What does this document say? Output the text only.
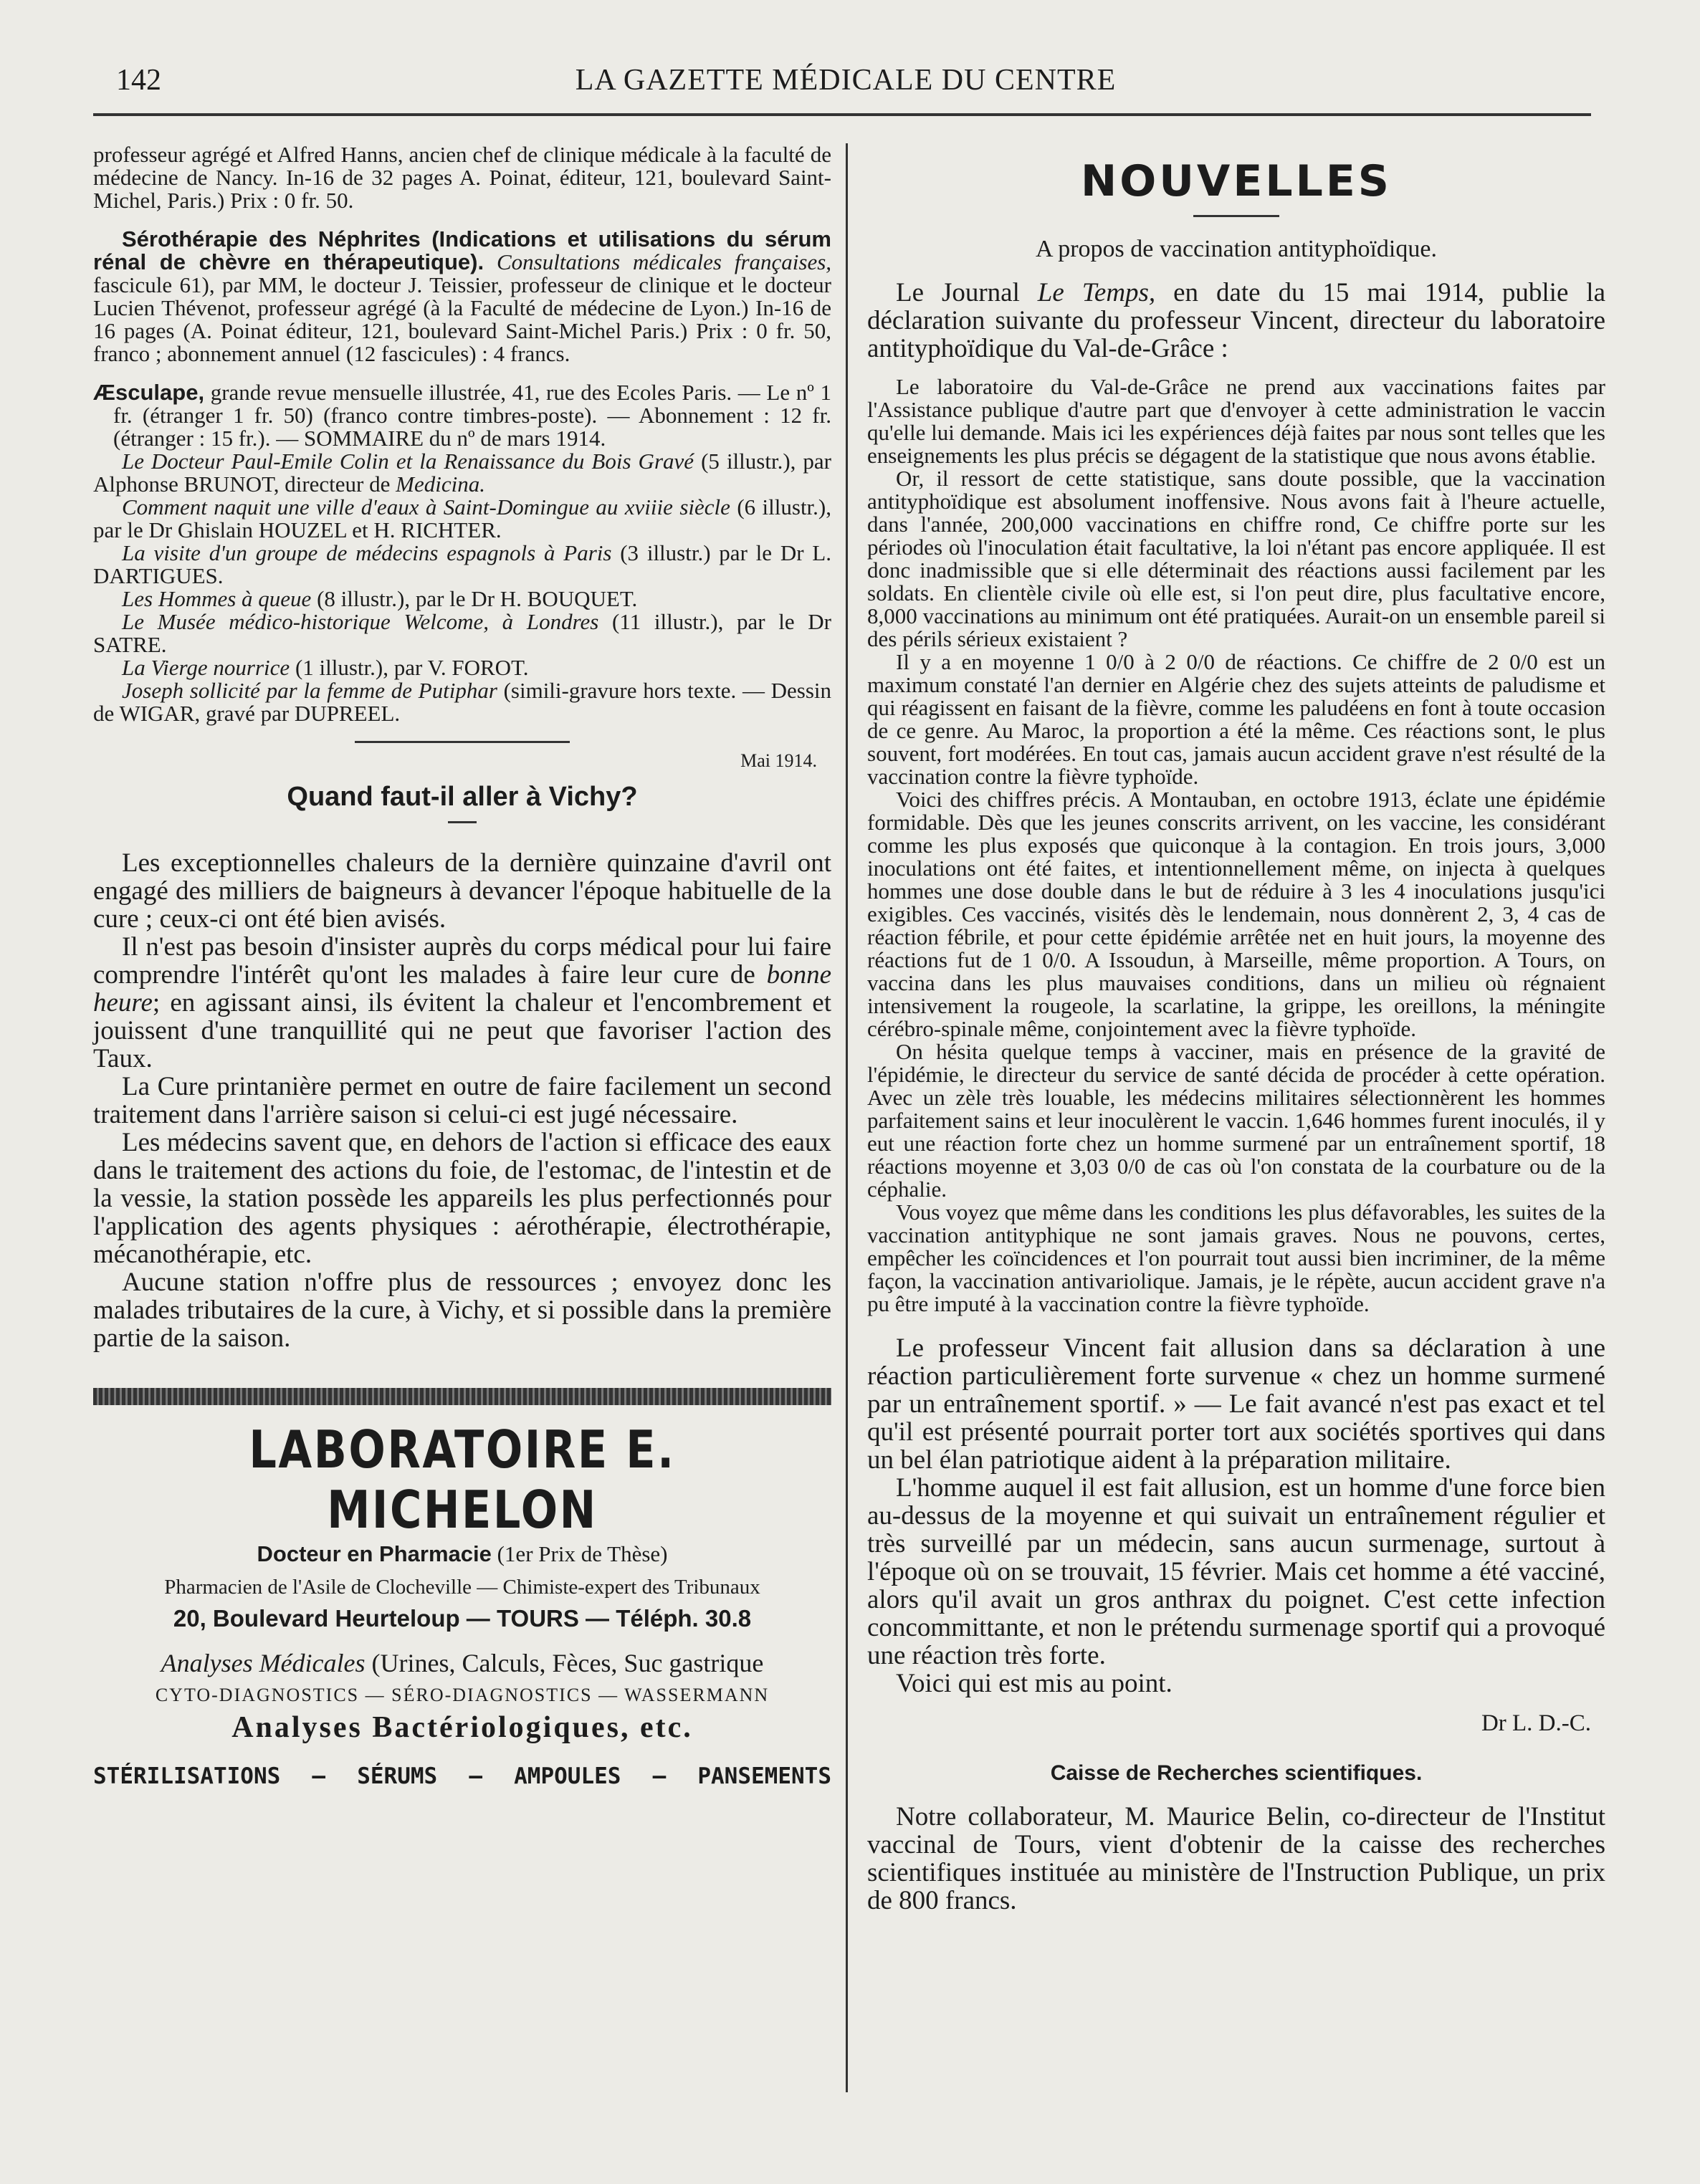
142	LA GAZETTE MÉDICALE DU CENTRE

professeur agrégé et Alfred Hanns, ancien chef de clinique médicale à la faculté de médecine de Nancy. In-16 de 32 pages A. Poinat, éditeur, 121, boulevard Saint-Michel, Paris.) Prix : 0 fr. 50.

Sérothérapie des Néphrites (Indications et utilisations du sérum rénal de chèvre en thérapeutique). Consultations médicales françaises, fascicule 61), par MM, le docteur J. Teissier, professeur de clinique et le docteur Lucien Thévenot, professeur agrégé (à la Faculté de médecine de Lyon.) In-16 de 16 pages (A. Poinat éditeur, 121, boulevard Saint-Michel Paris.) Prix : 0 fr. 50, franco ; abonnement annuel (12 fascicules) : 4 francs.

Æsculape, grande revue mensuelle illustrée, 41, rue des Ecoles Paris. — Le nº 1 fr. (étranger 1 fr. 50) (franco contre timbres-poste). — Abonnement : 12 fr. (étranger : 15 fr.). — SOMMAIRE du nº de mars 1914.

Le Docteur Paul-Emile Colin et la Renaissance du Bois Gravé (5 illustr.), par Alphonse BRUNOT, directeur de Medicina.

Comment naquit une ville d'eaux à Saint-Domingue au xviiie siècle (6 illustr.), par le Dr Ghislain HOUZEL et H. RICHTER.

La visite d'un groupe de médecins espagnols à Paris (3 illustr.) par le Dr L. DARTIGUES.

Les Hommes à queue (8 illustr.), par le Dr H. BOUQUET.

Le Musée médico-historique Welcome, à Londres (11 illustr.), par le Dr SATRE.

La Vierge nourrice (1 illustr.), par V. FOROT.

Joseph sollicité par la femme de Putiphar (simili-gravure hors texte. — Dessin de WIGAR, gravé par DUPREEL.

Mai 1914.
Quand faut-il aller à Vichy?

Les exceptionnelles chaleurs de la dernière quinzaine d'avril ont engagé des milliers de baigneurs à devancer l'époque habituelle de la cure ; ceux-ci ont été bien avisés.

Il n'est pas besoin d'insister auprès du corps médical pour lui faire comprendre l'intérêt qu'ont les malades à faire leur cure de bonne heure; en agissant ainsi, ils évitent la chaleur et l'encombrement et jouissent d'une tranquillité qui ne peut que favoriser l'action des Taux.

La Cure printanière permet en outre de faire facilement un second traitement dans l'arrière saison si celui-ci est jugé nécessaire.

Les médecins savent que, en dehors de l'action si efficace des eaux dans le traitement des actions du foie, de l'estomac, de l'intestin et de la vessie, la station possède les appareils les plus perfectionnés pour l'application des agents physiques : aérothérapie, électrothérapie, mécanothérapie, etc.

Aucune station n'offre plus de ressources ; envoyez donc les malades tributaires de la cure, à Vichy, et si possible dans la première partie de la saison.

LABORATOIRE E. MICHELON
Docteur en Pharmacie (1er Prix de Thèse)
Pharmacien de l'Asile de Clocheville — Chimiste-expert des Tribunaux
20, Boulevard Heurteloup — TOURS — Téléph. 30.8
Analyses Médicales (Urines, Calculs, Fèces, Suc gastrique
CYTO-DIAGNOSTICS — SÉRO-DIAGNOSTICS — WASSERMANN
Analyses Bactériologiques, etc.
STÉRILISATIONS — SÉRUMS — AMPOULES — PANSEMENTS
NOUVELLES
A propos de vaccination antityphoïdique.

Le Journal Le Temps, en date du 15 mai 1914, publie la déclaration suivante du professeur Vincent, directeur du laboratoire antityphoïdique du Val-de-Grâce :

Le laboratoire du Val-de-Grâce ne prend aux vaccinations faites par l'Assistance publique d'autre part que d'envoyer à cette administration le vaccin qu'elle lui demande. Mais ici les expériences déjà faites par nous sont telles que les enseignements les plus précis se dégagent de la statistique que nous avons établie.

Or, il ressort de cette statistique, sans doute possible, que la vaccination antityphoïdique est absolument inoffensive. Nous avons fait à l'heure actuelle, dans l'année, 200,000 vaccinations en chiffre rond, Ce chiffre porte sur les périodes où l'inoculation était facultative, la loi n'étant pas encore appliquée. Il est donc inadmissible que si elle déterminait des réactions aussi facilement par les soldats. En clientèle civile où elle est, si l'on peut dire, plus facultative encore, 8,000 vaccinations au minimum ont été pratiquées. Aurait-on un ensemble pareil si des périls sérieux existaient ?

Il y a en moyenne 1 0/0 à 2 0/0 de réactions. Ce chiffre de 2 0/0 est un maximum constaté l'an dernier en Algérie chez des sujets atteints de paludisme et qui réagissent en faisant de la fièvre, comme les paludéens en font à toute occasion de ce genre. Au Maroc, la proportion a été la même. Ces réactions sont, le plus souvent, fort modérées. En tout cas, jamais aucun accident grave n'est résulté de la vaccination contre la fièvre typhoïde.

Voici des chiffres précis. A Montauban, en octobre 1913, éclate une épidémie formidable. Dès que les jeunes conscrits arrivent, on les vaccine, les considérant comme les plus exposés que quiconque à la contagion. En trois jours, 3,000 inoculations ont été faites, et intentionnellement même, on injecta à quelques hommes une dose double dans le but de réduire à 3 les 4 inoculations jusqu'ici exigibles. Ces vaccinés, visités dès le lendemain, nous donnèrent 2, 3, 4 cas de réaction fébrile, et pour cette épidémie arrêtée net en huit jours, la moyenne des réactions fut de 1 0/0. A Issoudun, à Marseille, même proportion. A Tours, on vaccina dans les plus mauvaises conditions, dans un milieu où régnaient intensivement la rougeole, la scarlatine, la grippe, les oreillons, la méningite cérébro-spinale même, conjointement avec la fièvre typhoïde.

On hésita quelque temps à vacciner, mais en présence de la gravité de l'épidémie, le directeur du service de santé décida de procéder à cette opération. Avec un zèle très louable, les médecins militaires sélectionnèrent les hommes parfaitement sains et leur inoculèrent le vaccin. 1,646 hommes furent inoculés, il y eut une réaction forte chez un homme surmené par un entraînement sportif, 18 réactions moyenne et 3,03 0/0 de cas où l'on constata de la courbature ou de la céphalie.

Vous voyez que même dans les conditions les plus défavorables, les suites de la vaccination antityphique ne sont jamais graves. Nous ne pouvons, certes, empêcher les coïncidences et l'on pourrait tout aussi bien incriminer, de la même façon, la vaccination antivariolique. Jamais, je le répète, aucun accident grave n'a pu être imputé à la vaccination contre la fièvre typhoïde.

Le professeur Vincent fait allusion dans sa déclaration à une réaction particulièrement forte survenue « chez un homme surmené par un entraînement sportif. » — Le fait avancé n'est pas exact et tel qu'il est présenté pourrait porter tort aux sociétés sportives qui dans un bel élan patriotique aident à la préparation militaire.

L'homme auquel il est fait allusion, est un homme d'une force bien au-dessus de la moyenne et qui suivait un entraînement régulier et très surveillé par un médecin, sans aucun surmenage, surtout à l'époque où on se trouvait, 15 février. Mais cet homme a été vacciné, alors qu'il avait un gros anthrax du poignet. C'est cette infection concommittante, et non le prétendu surmenage sportif qui a provoqué une réaction très forte.

Voici qui est mis au point.

Dr L. D.-C.
Caisse de Recherches scientifiques.

Notre collaborateur, M. Maurice Belin, co-directeur de l'Institut vaccinal de Tours, vient d'obtenir de la caisse des recherches scientifiques instituée au ministère de l'Instruction Publique, un prix de 800 francs.
